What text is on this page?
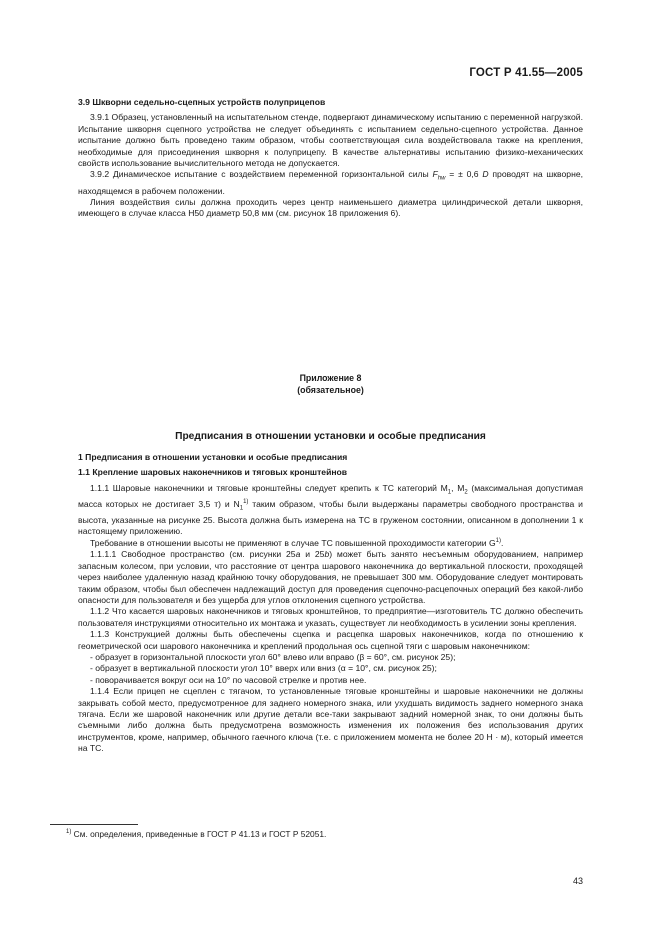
ГОСТ Р 41.55—2005

3.9 Шкворни седельно-сцепных устройств полуприцепов

3.9.1 Образец, установленный на испытательном стенде, подвергают динамическому испытанию с переменной нагрузкой. Испытание шкворня сцепного устройства не следует объединять с испытанием седельно-сцепного устройства. Данное испытание должно быть проведено таким образом, чтобы соответствующая сила воздействовала также на крепления, необходимые для присоединения шкворня к полуприцепу. В качестве альтернативы испытанию физико-механических свойств использование вычислительного метода не допускается.

3.9.2 Динамическое испытание с воздействием переменной горизонтальной силы $F_{hw}$ = ± 0,6 D проводят на шкворне, находящемся в рабочем положении.

Линия воздействия силы должна проходить через центр наименьшего диаметра цилиндрической детали шкворня, имеющего в случае класса H50 диаметр 50,8 мм (см. рисунок 18 приложения 6).

Приложение 8
(обязательное)
Предписания в отношении установки и особые предписания

1 Предписания в отношении установки и особые предписания

1.1 Крепление шаровых наконечников и тяговых кронштейнов

1.1.1 Шаровые наконечники и тяговые кронштейны следует крепить к ТС категорий $M_1$, $M_2$ (максимальная допустимая масса которых не достигает 3,5 т) и $N_1^{1)}$ таким образом, чтобы были выдержаны параметры свободного пространства и высота, указанные на рисунке 25. Высота должна быть измерена на ТС в груженом состоянии, описанном в дополнении 1 к настоящему приложению.

Требование в отношении высоты не применяют в случае ТС повышенной проходимости категории $G^{1)}$.

1.1.1.1 Свободное пространство (см. рисунки 25a и 25b) может быть занято несъемным оборудованием, например запасным колесом, при условии, что расстояние от центра шарового наконечника до вертикальной плоскости, проходящей через наиболее удаленную назад крайнюю точку оборудования, не превышает 300 мм. Оборудование следует монтировать таким образом, чтобы был обеспечен надлежащий доступ для проведения сцепочно-расцепочных операций без какой-либо опасности для пользователя и без ущерба для углов отклонения сцепного устройства.

1.1.2 Что касается шаровых наконечников и тяговых кронштейнов, то предприятие—изготовитель ТС должно обеспечить пользователя инструкциями относительно их монтажа и указать, существует ли необходимость в усилении зоны крепления.

1.1.3 Конструкцией должны быть обеспечены сцепка и расцепка шаровых наконечников, когда по отношению к геометрической оси шарового наконечника и креплений продольная ось сцепной тяги с шаровым наконечником:

- образует в горизонтальной плоскости угол 60° влево или вправо (β = 60°, см. рисунок 25);

- образует в вертикальной плоскости угол 10° вверх или вниз (α = 10°, см. рисунок 25);

- поворачивается вокруг оси на 10° по часовой стрелке и против нее.

1.1.4 Если прицеп не сцеплен с тягачом, то установленные тяговые кронштейны и шаровые наконечники не должны закрывать собой место, предусмотренное для заднего номерного знака, или ухудшать видимость заднего номерного знака тягача. Если же шаровой наконечник или другие детали все-таки закрывают задний номерной знак, то они должны быть съемными либо должна быть предусмотрена возможность изменения их положения без использования других инструментов, кроме, например, обычного гаечного ключа (т.е. с приложением момента не более 20 Н · м), который имеется на ТС.

$^{1)}$ См. определения, приведенные в ГОСТ Р 41.13 и ГОСТ Р 52051.
43
